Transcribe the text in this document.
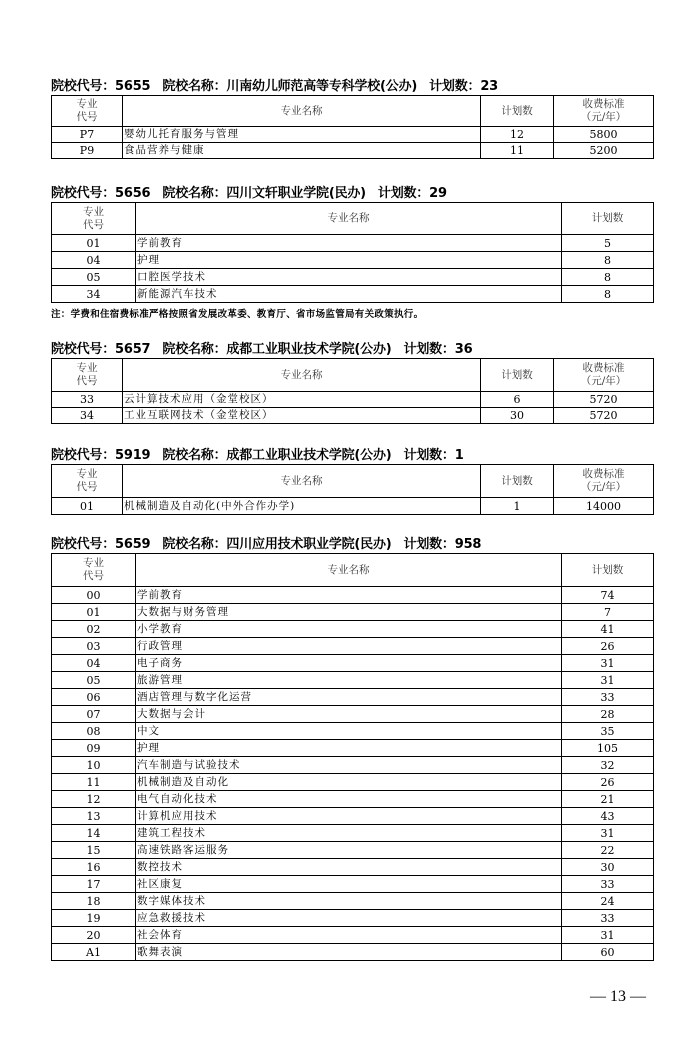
院校代号：5655 院校名称：川南幼儿师范高等专科学校(公办) 计划数：23
专业
代号	专业名称	计划数	收费标准
（元/年）
P7	婴幼儿托育服务与管理	12	5800
P9	食品营养与健康	11	5200
院校代号：5656 院校名称：四川文轩职业学院(民办) 计划数：29
专业
代号	专业名称	计划数
01	学前教育	5
04	护理	8
05	口腔医学技术	8
34	新能源汽车技术	8
注：学费和住宿费标准严格按照省发展改革委、教育厅、省市场监管局有关政策执行。
院校代号：5657 院校名称：成都工业职业技术学院(公办) 计划数：36
专业
代号	专业名称	计划数	收费标准
（元/年）
33	云计算技术应用（金堂校区）	6	5720
34	工业互联网技术（金堂校区）	30	5720
院校代号：5919 院校名称：成都工业职业技术学院(公办) 计划数：1
专业
代号	专业名称	计划数	收费标准
（元/年）
01	机械制造及自动化(中外合作办学)	1	14000
院校代号：5659 院校名称：四川应用技术职业学院(民办) 计划数：958
专业
代号	专业名称	计划数
00	学前教育	74
01	大数据与财务管理	7
02	小学教育	41
03	行政管理	26
04	电子商务	31
05	旅游管理	31
06	酒店管理与数字化运营	33
07	大数据与会计	28
08	中文	35
09	护理	105
10	汽车制造与试验技术	32
11	机械制造及自动化	26
12	电气自动化技术	21
13	计算机应用技术	43
14	建筑工程技术	31
15	高速铁路客运服务	22
16	数控技术	30
17	社区康复	33
18	数字媒体技术	24
19	应急救援技术	33
20	社会体育	31
A1	歌舞表演	60
— 13 —
